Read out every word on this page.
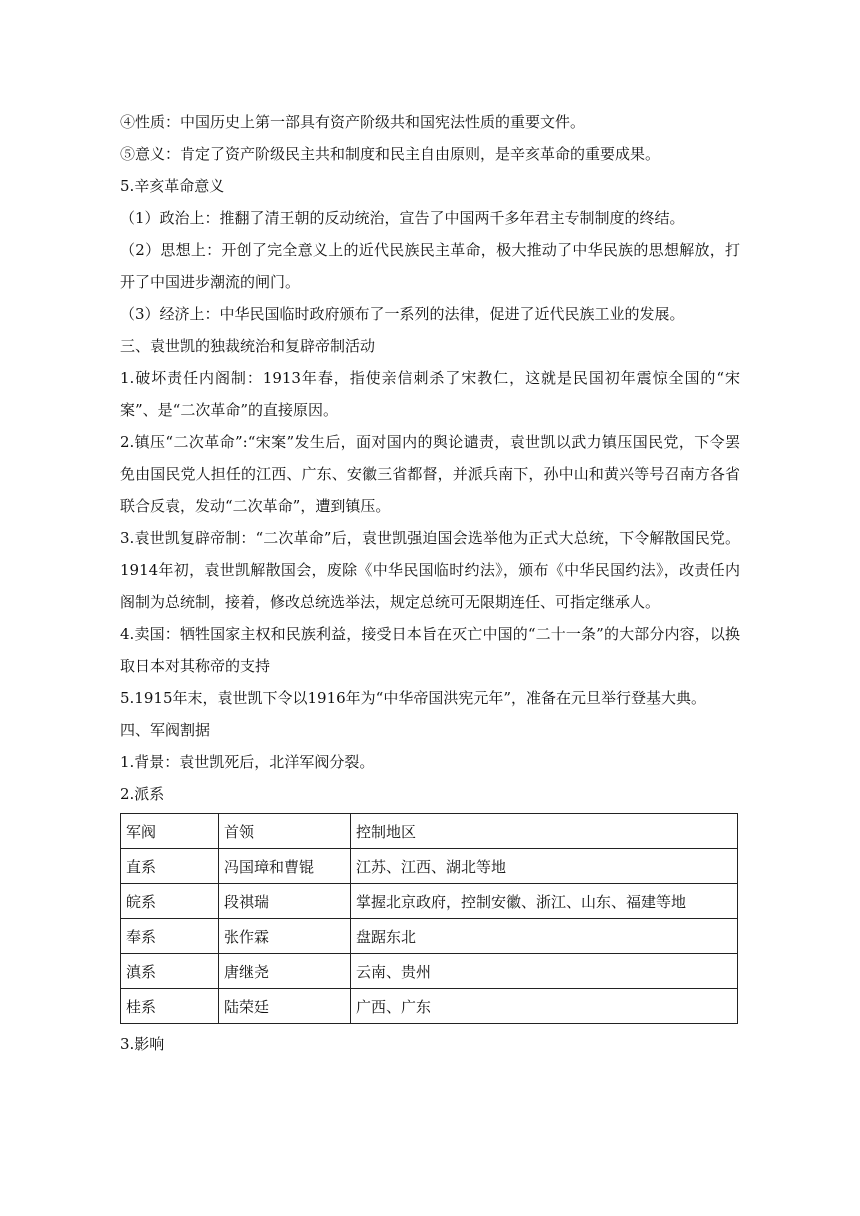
④性质：中国历史上第一部具有资产阶级共和国宪法性质的重要文件。

⑤意义：肯定了资产阶级民主共和制度和民主自由原则，是辛亥革命的重要成果。

5.辛亥革命意义

（1）政治上：推翻了清王朝的反动统治，宣告了中国两千多年君主专制制度的终结。

（2）思想上：开创了完全意义上的近代民族民主革命，极大推动了中华民族的思想解放，打开了中国进步潮流的闸门。

（3）经济上：中华民国临时政府颁布了一系列的法律，促进了近代民族工业的发展。

三、袁世凯的独裁统治和复辟帝制活动

1.破坏责任内阁制：1913年春，指使亲信刺杀了宋教仁，这就是民国初年震惊全国的“宋案”、是“二次革命”的直接原因。

2.镇压“二次革命”:“宋案”发生后，面对国内的舆论谴责，袁世凯以武力镇压国民党，下令罢免由国民党人担任的江西、广东、安徽三省都督，并派兵南下，孙中山和黄兴等号召南方各省联合反袁，发动“二次革命”，遭到镇压。

3.袁世凯复辟帝制：“二次革命”后，袁世凯强迫国会选举他为正式大总统，下令解散国民党。1914年初，袁世凯解散国会，废除《中华民国临时约法》，颁布《中华民国约法》，改责任内阁制为总统制，接着，修改总统选举法，规定总统可无限期连任、可指定继承人。

4.卖国：牺牲国家主权和民族利益，接受日本旨在灭亡中国的“二十一条”的大部分内容，以换取日本对其称帝的支持

5.1915年末，袁世凯下令以1916年为“中华帝国洪宪元年”，准备在元旦举行登基大典。

四、军阀割据

1.背景：袁世凯死后，北洋军阀分裂。

2.派系

军阀	首领	控制地区
直系	冯国璋和曹锟	江苏、江西、湖北等地
皖系	段祺瑞	掌握北京政府，控制安徽、浙江、山东、福建等地
奉系	张作霖	盘踞东北
滇系	唐继尧	云南、贵州
桂系	陆荣廷	广西、广东

3.影响
